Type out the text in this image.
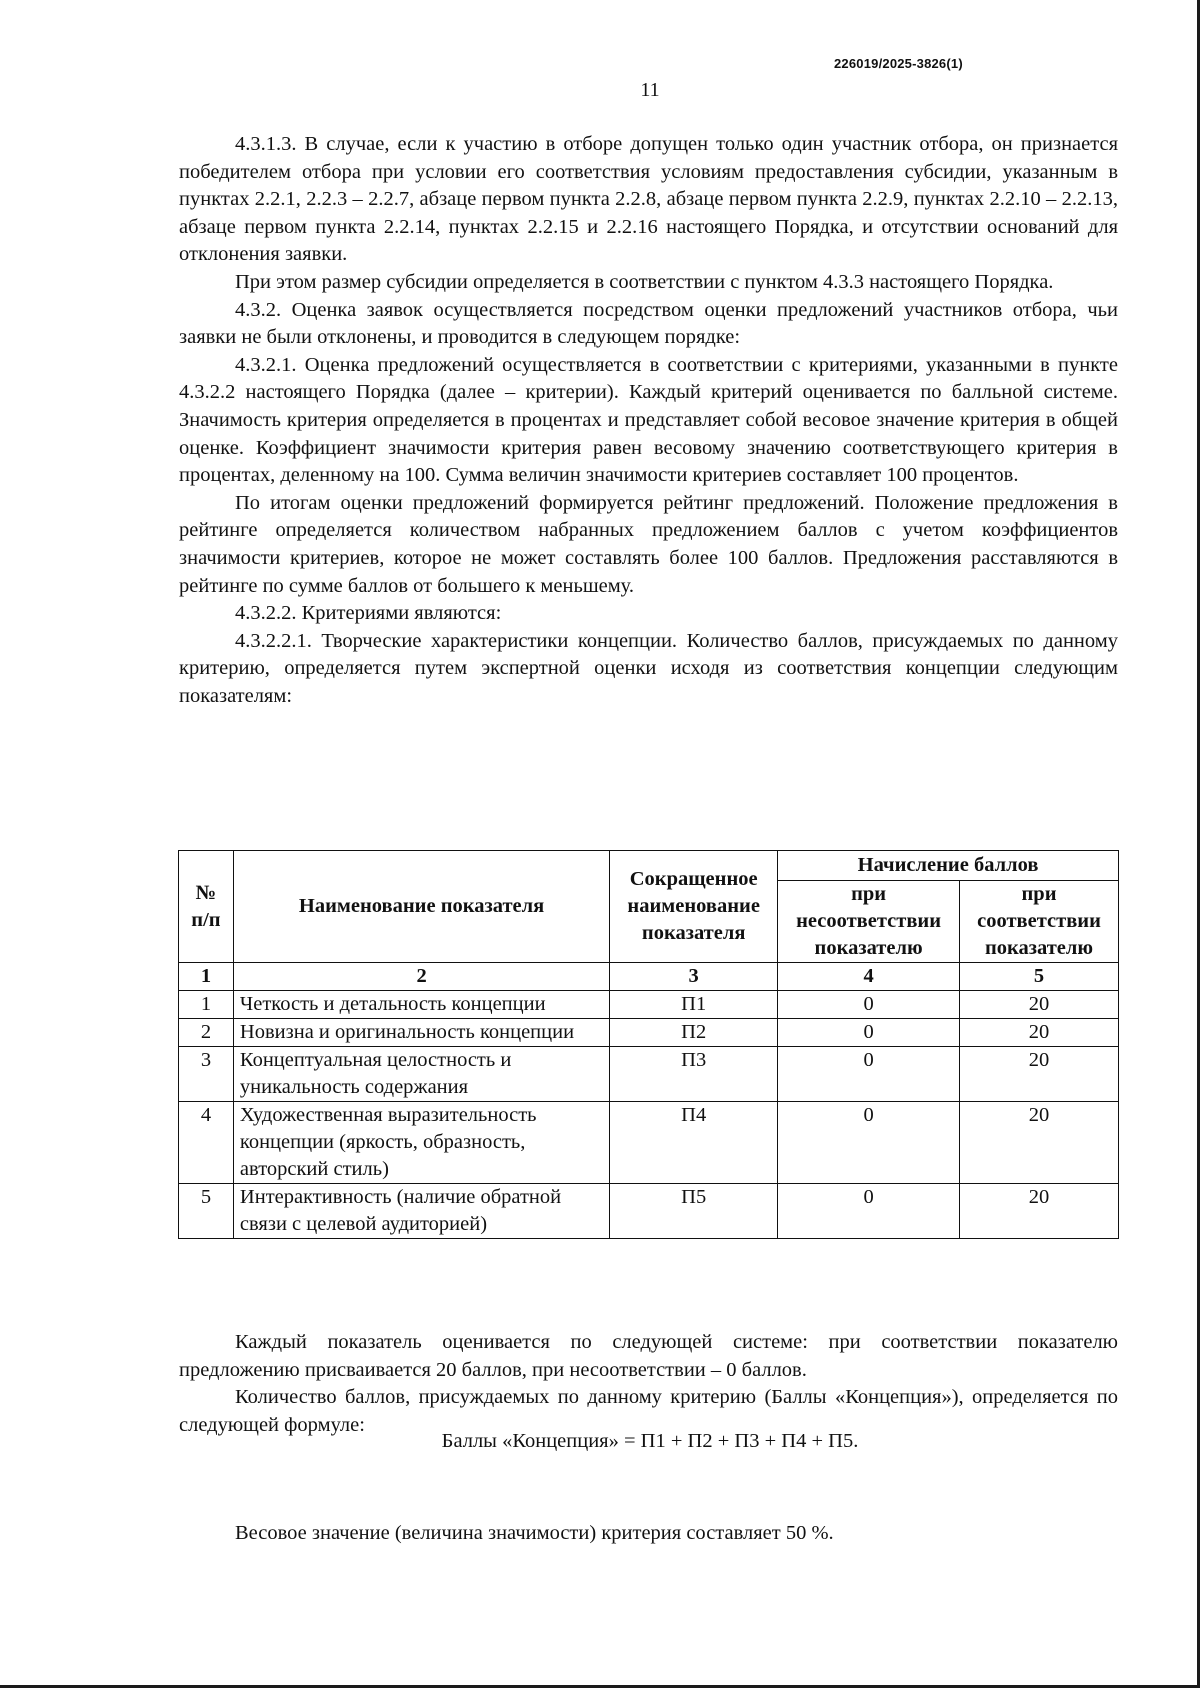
226019/2025-3826(1)
11

4.3.1.3. В случае, если к участию в отборе допущен только один участник отбора, он признается победителем отбора при условии его соответствия условиям предоставления субсидии, указанным в пунктах 2.2.1, 2.2.3 – 2.2.7, абзаце первом пункта 2.2.8, абзаце первом пункта 2.2.9, пунктах 2.2.10 – 2.2.13, абзаце первом пункта 2.2.14, пунктах 2.2.15 и 2.2.16 настоящего Порядка, и отсутствии оснований для отклонения заявки.

При этом размер субсидии определяется в соответствии с пунктом 4.3.3 настоящего Порядка.

4.3.2. Оценка заявок осуществляется посредством оценки предложений участников отбора, чьи заявки не были отклонены, и проводится в следующем порядке:

4.3.2.1. Оценка предложений осуществляется в соответствии с критериями, указанными в пункте 4.3.2.2 настоящего Порядка (далее – критерии). Каждый критерий оценивается по балльной системе. Значимость критерия определяется в процентах и представляет собой весовое значение критерия в общей оценке. Коэффициент значимости критерия равен весовому значению соответствующего критерия в процентах, деленному на 100. Сумма величин значимости критериев составляет 100 процентов.

По итогам оценки предложений формируется рейтинг предложений. Положение предложения в рейтинге определяется количеством набранных предложением баллов с учетом коэффициентов значимости критериев, которое не может составлять более 100 баллов. Предложения расставляются в рейтинге по сумме баллов от большего к меньшему.

4.3.2.2. Критериями являются:

4.3.2.2.1. Творческие характеристики концепции. Количество баллов, присуждаемых по данному критерию, определяется путем экспертной оценки исходя из соответствия концепции следующим показателям:

№ п/п	Наименование показателя	Сокращенное наименование показателя	Начисление баллов	
			при несоответствии показателю	при соответствии показателю
1	2	3	4	5
1	Четкость и детальность концепции	П1	0	20
2	Новизна и оригинальность концепции	П2	0	20
3	Концептуальная целостность и уникальность содержания	П3	0	20
4	Художественная выразительность концепции (яркость, образность, авторский стиль)	П4	0	20
5	Интерактивность (наличие обратной связи с целевой аудиторией)	П5	0	20

Каждый показатель оценивается по следующей системе: при соответствии показателю предложению присваивается 20 баллов, при несоответствии – 0 баллов.

Количество баллов, присуждаемых по данному критерию (Баллы «Концепция»), определяется по следующей формуле:

Баллы «Концепция» = П1 + П2 + П3 + П4 + П5.
Весовое значение (величина значимости) критерия составляет 50 %.
